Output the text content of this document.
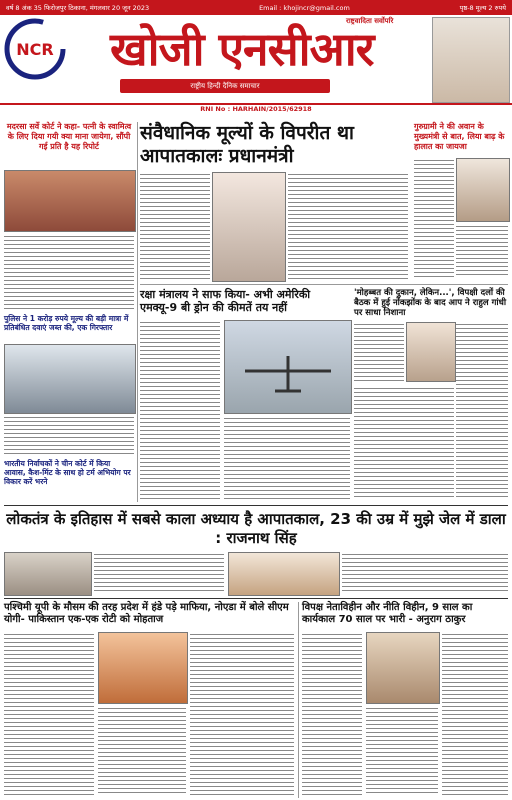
वर्ष 8 अंक 35 फिरोजपुर ठिकाना, मंगलवार 20 जून 2023	Email : khojincr@gmail.com	पृष्ठ-8 मूल्य 2 रुपये
NCR खोजी एनसीआर
राष्ट्रीय हिन्दी दैनिक समाचार
राष्ट्रवादिता सर्वोपरि
RNI No : HARHAIN/2015/62918
मदरसा सर्वे कोर्ट ने कहा- पत्नी के स्वामित्व के लिए दिया गयी क्या माना जायेगा, सौंपी गई प्रति है यह रिपोर्ट
पुलिस ने 1 करोड़ रुपये मूल्य की बड़ी मात्रा में प्रतिबंधित दवाएं जब्त की, एक गिरफ्तार
भारतीय निर्वाचकों ने चीन कोर्ट में किया आवास, कैश-मिंट के साथ हो टर्म अभियोग पर विकार करें भरने
संवैधानिक मूल्यों के विपरीत था आपातकालः प्रधानमंत्री
गुरुग्रामी ने की अवान के मुख्यमंत्री से बात, लिया बाढ़ के हालात का जायजा
रक्षा मंत्रालय ने साफ किया- अभी अमेरिकी एमक्यू-9 बी ड्रोन की कीमतें तय नहीं
'मोहब्बत की दुकान, लेकिन...', विपक्षी दलों की बैठक में हुई नोंकझोंक के बाद आप ने राहुल गांधी पर साधा निशाना
लोकतंत्र के इतिहास में सबसे काला अध्याय है आपातकाल, 23 की उम्र में मुझे जेल में डाला : राजनाथ सिंह
पश्चिमी यूपी के मौसम की तरह प्रदेश में हंडे पड़े माफिया, नोएडा में बोले सीएम योगी- पाकिस्तान एक-एक रोटी को मोहताज
विपक्ष नेताविहीन और नीति विहीन, 9 साल का कार्यकाल 70 साल पर भारी - अनुराग ठाकुर
